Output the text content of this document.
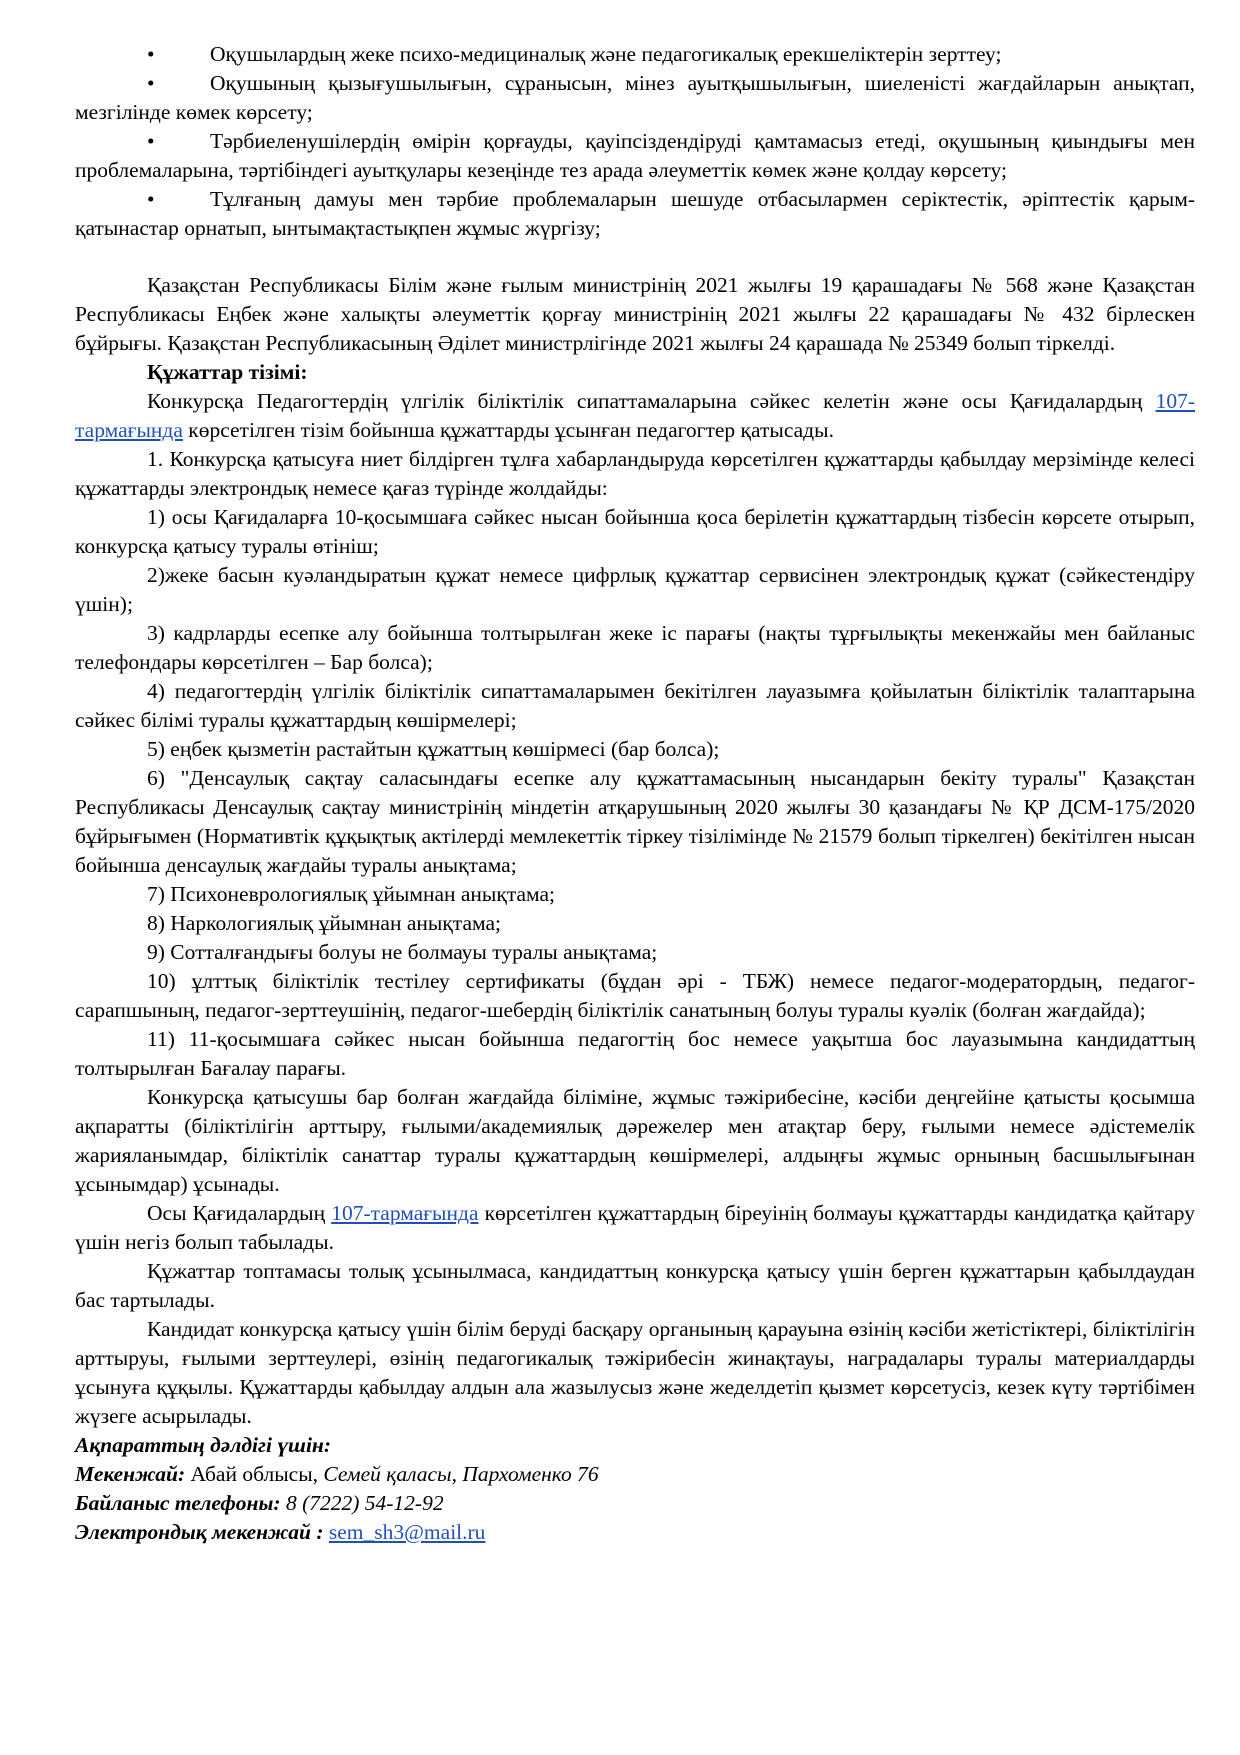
•	Оқушылардың жеке психо-медициналық және педагогикалық ерекшеліктерін зерттеу;

•	Оқушының қызығушылығын, сұранысын, мінез ауытқышылығын, шиеленісті жағдайларын анықтап, мезгілінде көмек көрсету;

•	Тәрбиеленушілердің өмірін қорғауды, қауіпсіздендіруді қамтамасыз етеді, оқушының қиындығы мен проблемаларына, тәртібіндегі ауытқулары кезеңінде тез арада әлеуметтік көмек және қолдау көрсету;

•	Тұлғаның дамуы мен тәрбие проблемаларын шешуде отбасылармен серіктестік, әріптестік қарым-қатынастар орнатып, ынтымақтастықпен жұмыс жүргізу;

Қазақстан Республикасы Білім және ғылым министрінің 2021 жылғы 19 қарашадағы № 568 және Қазақстан Республикасы Еңбек және халықты әлеуметтік қорғау министрінің 2021 жылғы 22 қарашадағы № 432 бірлескен бұйрығы. Қазақстан Республикасының Әділет министрлігінде 2021 жылғы 24 қарашада № 25349 болып тіркелді.

Құжаттар тізімі:

Конкурсқа Педагогтердің үлгілік біліктілік сипаттамаларына сәйкес келетін және осы Қағидалардың 107-тармағында көрсетілген тізім бойынша құжаттарды ұсынған педагогтер қатысады.

1. Конкурсқа қатысуға ниет білдірген тұлға хабарландыруда көрсетілген құжаттарды қабылдау мерзімінде келесі құжаттарды электрондық немесе қағаз түрінде жолдайды:

1) осы Қағидаларға 10-қосымшаға сәйкес нысан бойынша қоса берілетін құжаттардың тізбесін көрсете отырып, конкурсқа қатысу туралы өтініш;

2)жеке басын куәландыратын құжат немесе цифрлық құжаттар сервисінен электрондық құжат (сәйкестендіру үшін);

3) кадрларды есепке алу бойынша толтырылған жеке іс парағы (нақты тұрғылықты мекенжайы мен байланыс телефондары көрсетілген – Бар болса);

4) педагогтердің үлгілік біліктілік сипаттамаларымен бекітілген лауазымға қойылатын біліктілік талаптарына сәйкес білімі туралы құжаттардың көшірмелері;

5) еңбек қызметін растайтын құжаттың көшірмесі (бар болса);

6) "Денсаулық сақтау саласындағы есепке алу құжаттамасының нысандарын бекіту туралы" Қазақстан Республикасы Денсаулық сақтау министрінің міндетін атқарушының 2020 жылғы 30 қазандағы № ҚР ДСМ-175/2020 бұйрығымен (Нормативтік құқықтық актілерді мемлекеттік тіркеу тізілімінде № 21579 болып тіркелген) бекітілген нысан бойынша денсаулық жағдайы туралы анықтама;

7) Психоневрологиялық ұйымнан анықтама;

8) Наркологиялық ұйымнан анықтама;

9) Сотталғандығы болуы не болмауы туралы анықтама;

10) ұлттық біліктілік тестілеу сертификаты (бұдан әрі - ТБЖ) немесе педагог-модератордың, педагог-сарапшының, педагог-зерттеушінің, педагог-шебердің біліктілік санатының болуы туралы куәлік (болған жағдайда);

11) 11-қосымшаға сәйкес нысан бойынша педагогтің бос немесе уақытша бос лауазымына кандидаттың толтырылған Бағалау парағы.

Конкурсқа қатысушы бар болған жағдайда біліміне, жұмыс тәжірибесіне, кәсіби деңгейіне қатысты қосымша ақпаратты (біліктілігін арттыру, ғылыми/академиялық дәрежелер мен атақтар беру, ғылыми немесе әдістемелік жарияланымдар, біліктілік санаттар туралы құжаттардың көшірмелері, алдыңғы жұмыс орнының басшылығынан ұсынымдар) ұсынады.

Осы Қағидалардың 107-тармағында көрсетілген құжаттардың біреуінің болмауы құжаттарды кандидатқа қайтару үшін негіз болып табылады.

Құжаттар топтамасы толық ұсынылмаса, кандидаттың конкурсқа қатысу үшін берген құжаттарын қабылдаудан бас тартылады.

Кандидат конкурсқа қатысу үшін білім беруді басқару органының қарауына өзінің кәсіби жетістіктері, біліктілігін арттыруы, ғылыми зерттеулері, өзінің педагогикалық тәжірибесін жинақтауы, наградалары туралы материалдарды ұсынуға құқылы. Құжаттарды қабылдау алдын ала жазылусыз және жеделдетіп қызмет көрсетусіз, кезек күту тәртібімен жүзеге асырылады.

Ақпараттың дәлдігі үшін:

Мекенжай: Абай облысы, Семей қаласы, Пархоменко 76

Байланыс телефоны: 8 (7222) 54-12-92

Электрондық мекенжай : sem_sh3@mail.ru
